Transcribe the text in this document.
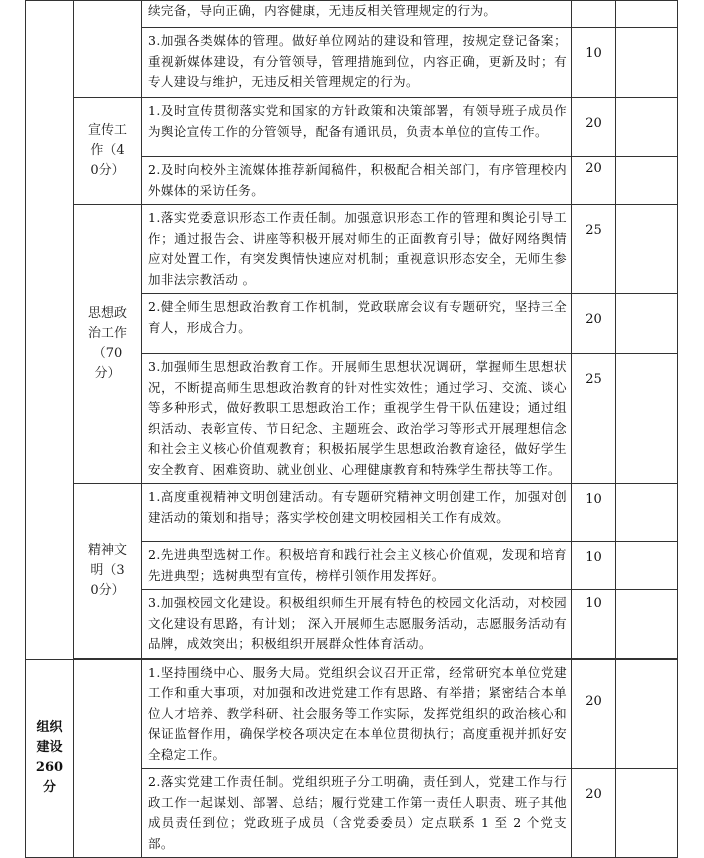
		续完备，导向正确，内容健康，无违反相关管理规定的行为。		
		3.加强各类媒体的管理。做好单位网站的建设和管理，按规定登记备案；重视新媒体建设，有分管领导，管理措施到位，内容正确，更新及时；有专人建设与维护，无违反相关管理规定的行为。	10	
	宣传工作（40分）	1.及时宣传贯彻落实党和国家的方针政策和决策部署，有领导班子成员作为舆论宣传工作的分管领导，配备有通讯员，负责本单位的宣传工作。	20	
		2.及时向校外主流媒体推荐新闻稿件，积极配合相关部门，有序管理校内外媒体的采访任务。	20	
	思想政治工作（70分）	1.落实党委意识形态工作责任制。加强意识形态工作的管理和舆论引导工作；通过报告会、讲座等积极开展对师生的正面教育引导；做好网络舆情应对处置工作，有突发舆情快速应对机制；重视意识形态安全，无师生参加非法宗教活动 。	25	
		2.健全师生思想政治教育工作机制，党政联席会议有专题研究，坚持三全育人，形成合力。	20	
		3.加强师生思想政治教育工作。开展师生思想状况调研，掌握师生思想状况，不断提高师生思想政治教育的针对性实效性；通过学习、交流、谈心等多种形式，做好教职工思想政治工作；重视学生骨干队伍建设；通过组织活动、表彰宣传、节日纪念、主题班会、政治学习等形式开展理想信念和社会主义核心价值观教育；积极拓展学生思想政治教育途径，做好学生安全教育、困难资助、就业创业、心理健康教育和特殊学生帮扶等工作。	25	
	精神文明（30分）	1.高度重视精神文明创建活动。有专题研究精神文明创建工作，加强对创建活动的策划和指导；落实学校创建文明校园相关工作有成效。	10	
		2.先进典型选树工作。积极培育和践行社会主义核心价值观，发现和培育先进典型；选树典型有宣传，榜样引领作用发挥好。	10	
		3.加强校园文化建设。积极组织师生开展有特色的校园文化活动，对校园文化建设有思路，有计划； 深入开展师生志愿服务活动，志愿服务活动有品牌，成效突出；积极组织开展群众性体育活动。	10	

组织建设260分		1.坚持围绕中心、服务大局。党组织会议召开正常，经常研究本单位党建工作和重大事项，对加强和改进党建工作有思路、有举措；紧密结合本单位人才培养、教学科研、社会服务等工作实际，发挥党组织的政治核心和保证监督作用，确保学校各项决定在本单位贯彻执行；高度重视并抓好安全稳定工作。	20	
		2.落实党建工作责任制。党组织班子分工明确，责任到人，党建工作与行政工作一起谋划、部署、总结；履行党建工作第一责任人职责、班子其他成员责任到位；党政班子成员（含党委委员）定点联系 1 至 2 个党支部。	20	
